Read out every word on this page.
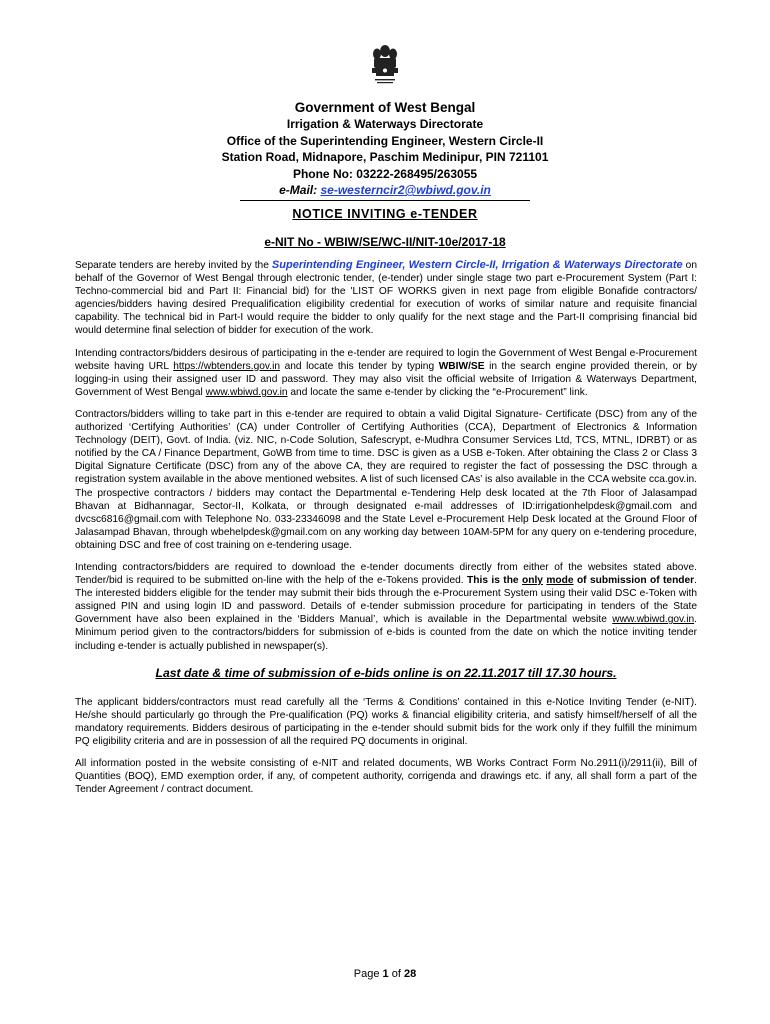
Government of West Bengal
Irrigation & Waterways Directorate
Office of the Superintending Engineer, Western Circle-II
Station Road, Midnapore, Paschim Medinipur, PIN 721101
Phone No: 03222-268495/263055
e-Mail: se-westerncir2@wbiwd.gov.in
NOTICE INVITING e-TENDER
e-NIT No - WBIW/SE/WC-II/NIT-10e/2017-18

Separate tenders are hereby invited by the Superintending Engineer, Western Circle-II, Irrigation & Waterways Directorate on behalf of the Governor of West Bengal through electronic tender, (e-tender) under single stage two part e-Procurement System (Part I: Techno-commercial bid and Part II: Financial bid) for the 'LIST OF WORKS given in next page from eligible Bonafide contractors/ agencies/bidders having desired Prequalification eligibility credential for execution of works of similar nature and requisite financial capability. The technical bid in Part-I would require the bidder to only qualify for the next stage and the Part-II comprising financial bid would determine final selection of bidder for execution of the work.

Intending contractors/bidders desirous of participating in the e-tender are required to login the Government of West Bengal e-Procurement website having URL https://wbtenders.gov.in and locate this tender by typing WBIW/SE in the search engine provided therein, or by logging-in using their assigned user ID and password. They may also visit the official website of Irrigation & Waterways Department, Government of West Bengal www.wbiwd.gov.in and locate the same e-tender by clicking the “e-Procurement” link.

Contractors/bidders willing to take part in this e-tender are required to obtain a valid Digital Signature- Certificate (DSC) from any of the authorized ‘Certifying Authorities’ (CA) under Controller of Certifying Authorities (CCA), Department of Electronics & Information Technology (DEIT), Govt. of India. (viz. NIC, n-Code Solution, Safescrypt, e-Mudhra Consumer Services Ltd, TCS, MTNL, IDRBT) or as notified by the CA / Finance Department, GoWB from time to time. DSC is given as a USB e-Token. After obtaining the Class 2 or Class 3 Digital Signature Certificate (DSC) from any of the above CA, they are required to register the fact of possessing the DSC through a registration system available in the above mentioned websites. A list of such licensed CAs’ is also available in the CCA website cca.gov.in. The prospective contractors / bidders may contact the Departmental e-Tendering Help desk located at the 7th Floor of Jalasampad Bhavan at Bidhannagar, Sector-II, Kolkata, or through designated e-mail addresses of ID:irrigationhelpdesk@gmail.com and dvcsc6816@gmail.com with Telephone No. 033-23346098 and the State Level e-Procurement Help Desk located at the Ground Floor of Jalasampad Bhavan, through wbehelpdesk@gmail.com on any working day between 10AM-5PM for any query on e-tendering procedure, obtaining DSC and free of cost training on e-tendering usage.

Intending contractors/bidders are required to download the e-tender documents directly from either of the websites stated above. Tender/bid is required to be submitted on-line with the help of the e-Tokens provided. This is the only mode of submission of tender. The interested bidders eligible for the tender may submit their bids through the e-Procurement System using their valid DSC e-Token with assigned PIN and using login ID and password. Details of e-tender submission procedure for participating in tenders of the State Government have also been explained in the ‘Bidders Manual’, which is available in the Departmental website www.wbiwd.gov.in. Minimum period given to the contractors/bidders for submission of e-bids is counted from the date on which the notice inviting tender including e-tender is actually published in newspaper(s).

Last date & time of submission of e-bids online is on 22.11.2017 till 17.30 hours.

The applicant bidders/contractors must read carefully all the ‘Terms & Conditions’ contained in this e-Notice Inviting Tender (e-NIT). He/she should particularly go through the Pre-qualification (PQ) works & financial eligibility criteria, and satisfy himself/herself of all the mandatory requirements. Bidders desirous of participating in the e-tender should submit bids for the work only if they fulfill the minimum PQ eligibility criteria and are in possession of all the required PQ documents in original.

All information posted in the website consisting of e-NIT and related documents, WB Works Contract Form No.2911(i)/2911(ii), Bill of Quantities (BOQ), EMD exemption order, if any, of competent authority, corrigenda and drawings etc. if any, all shall form a part of the Tender Agreement / contract document.

Page 1 of 28
